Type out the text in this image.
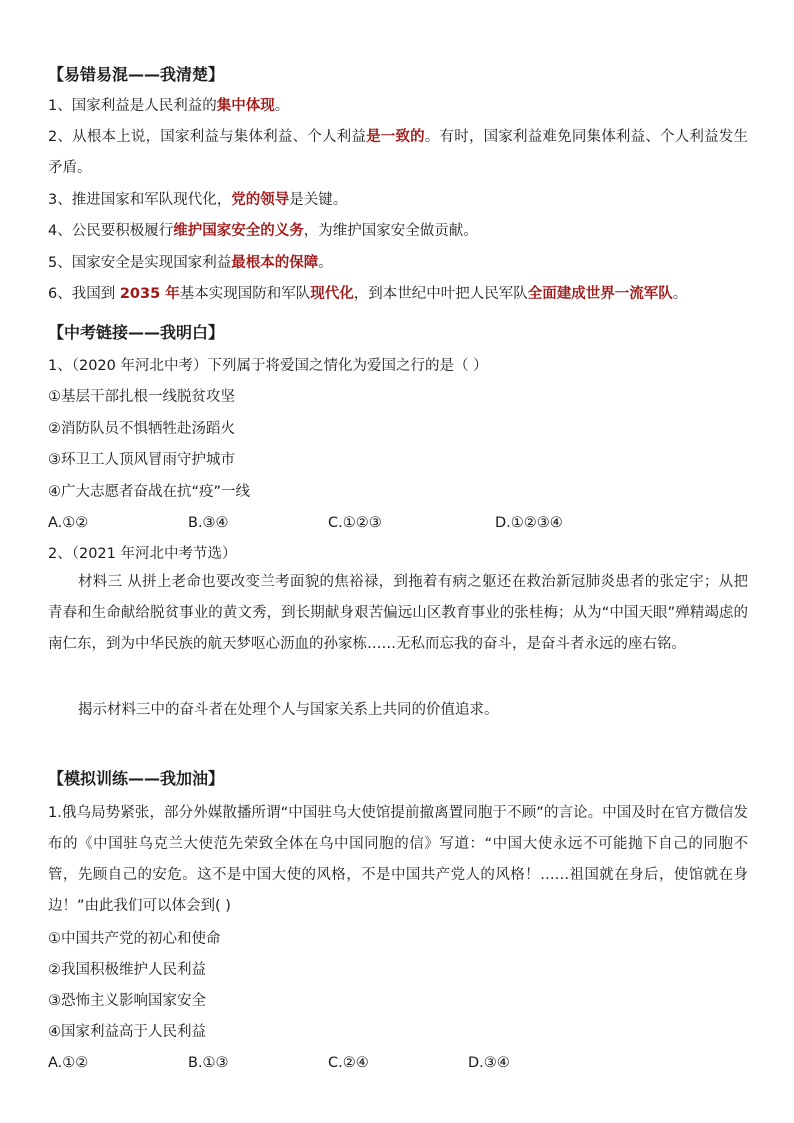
【易错易混——我清楚】
1、国家利益是人民利益的集中体现。

2、从根本上说，国家利益与集体利益、个人利益是一致的。有时，国家利益难免同集体利益、个人利益发生矛盾。

3、推进国家和军队现代化，党的领导是关键。
4、公民要积极履行维护国家安全的义务，为维护国家安全做贡献。
5、国家安全是实现国家利益最根本的保障。
6、我国到 2035 年基本实现国防和军队现代化，到本世纪中叶把人民军队全面建成世界一流军队。
【中考链接——我明白】
1、（2020 年河北中考）下列属于将爱国之情化为爱国之行的是（ ）
①基层干部扎根一线脱贫攻坚
②消防队员不惧牺牲赴汤蹈火
③环卫工人顶风冒雨守护城市
④广大志愿者奋战在抗“疫”一线
A.①②	B.③④	C.①②③	D.①②③④
2、（2021 年河北中考节选）

材料三 从拼上老命也要改变兰考面貌的焦裕禄，到拖着有病之躯还在救治新冠肺炎患者的张定宇；从把青春和生命献给脱贫事业的黄文秀，到长期献身艰苦偏远山区教育事业的张桂梅；从为“中国天眼”殚精竭虑的南仁东，到为中华民族的航天梦呕心沥血的孙家栋……无私而忘我的奋斗，是奋斗者永远的座右铭。

揭示材料三中的奋斗者在处理个人与国家关系上共同的价值追求。
【模拟训练——我加油】

1.俄乌局势紧张，部分外媒散播所谓“中国驻乌大使馆提前撤离置同胞于不顾”的言论。中国及时在官方微信发布的《中国驻乌克兰大使范先荣致全体在乌中国同胞的信》写道：“中国大使永远不可能抛下自己的同胞不管，先顾自己的安危。这不是中国大使的风格，不是中国共产党人的风格！……祖国就在身后，使馆就在身边！”由此我们可以体会到( )

①中国共产党的初心和使命
②我国积极维护人民利益
③恐怖主义影响国家安全
④国家利益高于人民利益
A.①②	B.①③	C.②④	D.③④
